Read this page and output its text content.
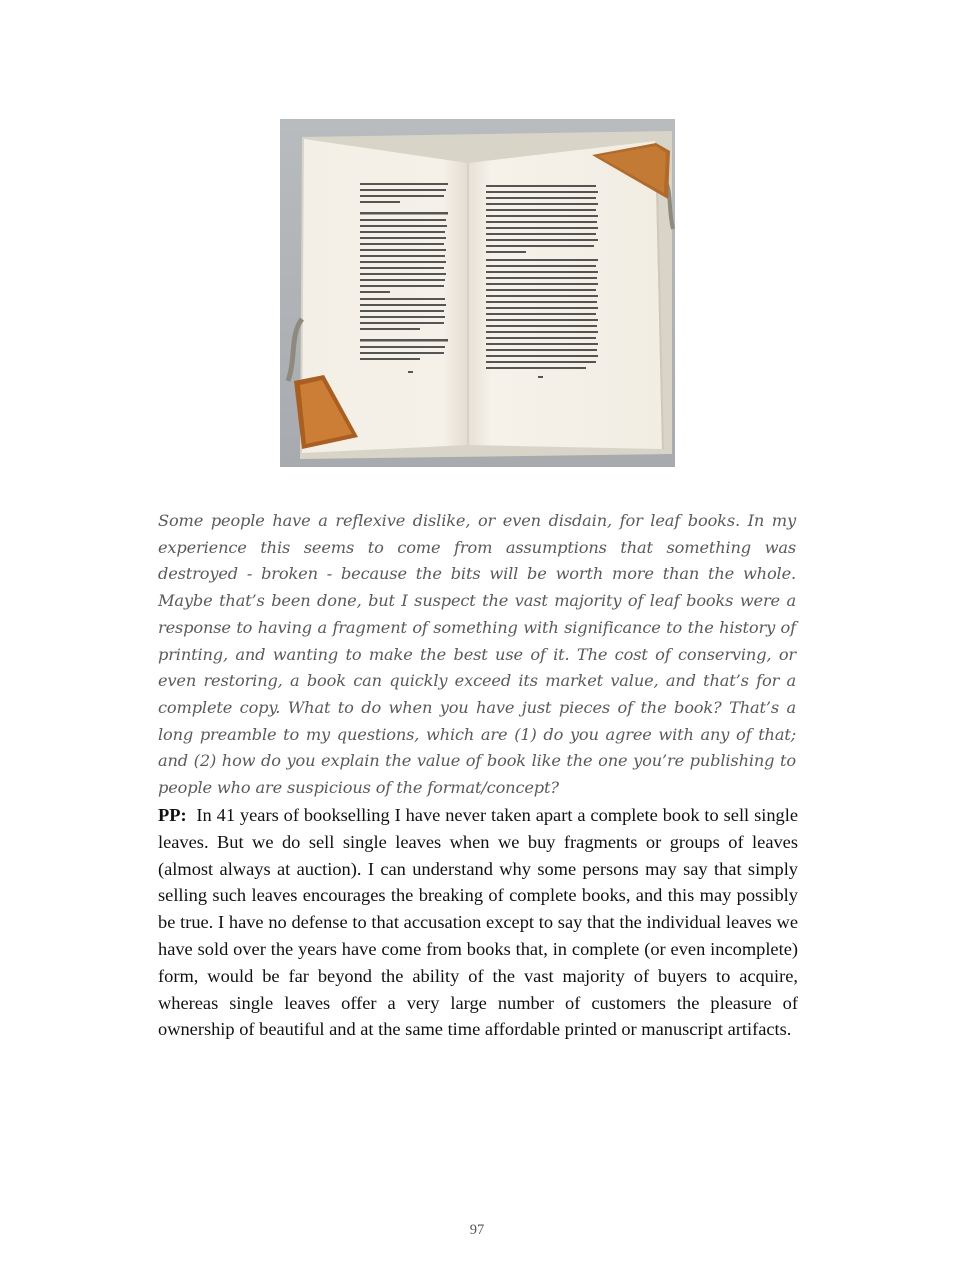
Some people have a reflexive dislike, or even disdain, for leaf books. In my experience this seems to come from assumptions that something was destroyed - broken - because the bits will be worth more than the whole. Maybe that’s been done, but I suspect the vast majority of leaf books were a response to having a fragment of something with significance to the history of printing, and wanting to make the best use of it. The cost of conserving, or even restoring, a book can quickly exceed its market value, and that’s for a complete copy. What to do when you have just pieces of the book? That’s a long preamble to my questions, which are (1) do you agree with any of that; and (2) how do you explain the value of book like the one you’re publishing to people who are suspicious of the format/concept?

PP: In 41 years of bookselling I have never taken apart a complete book to sell single leaves. But we do sell single leaves when we buy fragments or groups of leaves (almost always at auction). I can understand why some persons may say that simply selling such leaves encourages the breaking of complete books, and this may possibly be true. I have no defense to that accusation except to say that the individual leaves we have sold over the years have come from books that, in complete (or even incomplete) form, would be far beyond the ability of the vast majority of buyers to acquire, whereas single leaves offer a very large number of customers the pleasure of ownership of beautiful and at the same time affordable printed or manuscript artifacts.

97
